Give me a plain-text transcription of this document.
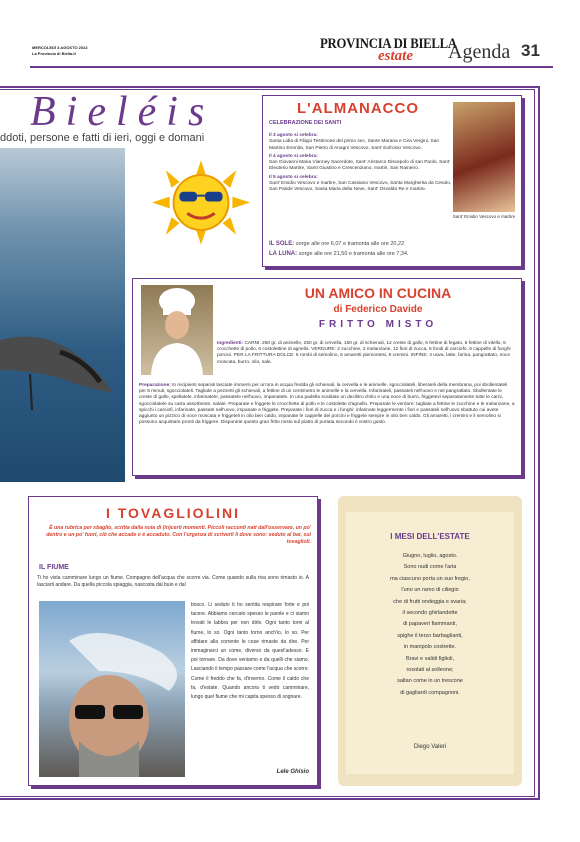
MERCOLEDÌ 3 AGOSTO 2022
La Provincia di Biella.it
PROVINCIA DI BIELLA
estate Agenda 31
Bieléis
ddoti, persone e fatti di ieri, oggi e domani
L'ALMANACCO
CELEBRAZIONE DEI SANTI
Il 3 agosto si celebra:
Santa Lidia di Filippi Testimone del primo sec, Sante Marana e Cira Vergini, San Martino Eremita, San Pietro di Anagni Vescovo, Sant' Eufronio Vescovo.
Il 4 agosto si celebra:
San Giovanni Maria Vianney Sacerdote, Sant' Aristarco Discepolo di san Paolo, Sant' Eleuterio Martire, Santi Giustino e Crescenziano, martiri, San Raineiro.
Il 5 agosto si celebra:
Sant' Emidio Vescovo e martire, San Cassiano Vescovo, Santa Margherita da Cesolo, San Paride Vescovo, Santa Maria della Neve, Sant' Osvaldo Re e martire.
IL SOLE: sorge alle ore 6,07 e tramonta alle ore 20,22
LA LUNA: sorge alle ore 21,50 e tramonta alle ore 7,34.
Sant' Emidio Vescovo e martire
UN AMICO IN CUCINA
di Federico Davide
FRITTO MISTO
Ingredienti: CARNI: 250 gr. di animelle, 250 gr. di cervella, 150 gr. di schienali, 12 creste di gallo, 6 fettine di fegato, 6 fettine di vitello, 6 crocchette di pollo, 6 costolettine di agnello. VERDURE: 2 zucchine, 2 melanzane, 12 fiori di zucca, 6 fondi di carciofo, 6 cappelle di funghi porcini. PER LA FRITTURA DOLCE: 6 rombi di semolino, 6 amaretti piemontesi, 6 cremini. INFINE: 4 uova, latte, farina, pangrattato, noce moscata, burro, olio, sale.
Preparazione: In recipienti separati lasciate immersi per un'ora in acqua fredda gli schienali, la cervella e le animelle, sgocciolateli, liberateli della membrana, poi sbollentateli per 5 minuti, sgocciolateli. Tagliate a pezzetti gli schienali, a fettine di un centimetro le animelle e la cervella. Infarinateli, passateli nell'uovo e nel pangrattato. Sbollentate le creste di gallo, spellatele, infarinatele, passatele nell'uovo, impanatele. In una padella scaldate un decilitro d'olio e una noce di burro, friggetevi separatamente tutte le carni, sgocciolatele su carta assorbente, salate. Preparate e friggete le crocchette di pollo e le costolette d'agnello. Preparate le verdure: tagliate a fettine le zucchine e le melanzane, a spicchi i carciofi, infarinate, passate nell'uovo, impanate e friggete. Preparate i fiori di zucca e i funghi: infarinate leggermente i fiori e passateli nell'uovo sbattuto cui avete aggiunto un pizzico di noce moscata e friggeteli in olio ben caldo, impanate le cappelle dei porcini e friggete sempre in olio ben caldo. Gli amaretti, i cremini e il semolino si possono acquistare pronti da friggere. Disponete questo gran fritto misto sul piatto di portata secondo il vostro gusto.
I TOVAGLIOLINI
È una rubrica per sbaglio, scritta dalla noia di (in)certi momenti. Piccoli racconti nati dall'osservare, un po' dentro e un po' fuori, ciò che accade o è accaduto. Con l'urgenza di scriverli lì dove sono: seduto al bar, sui tovaglioli.
IL FIUME
Ti ho vista camminare lungo un fiume. Compagno dell'acqua che scorre via. Come quando sulla riva sono rimasto io. A lasciarti andare. Da quella piccola spiaggia, nascosta dal buio e dal
bosco. Li seduto ti ho sentita respirare forte e poi tacere. Abbiamo cercato spesso le parole e ci siamo trovati le labbra per non dirle. Ogni tanto torni al fiume, lo so. Ogni tanto torno anch'io, lo so. Per affidare alla corrente le cose rimaste da dire. Per immaginarci un come, diverso da quest'adesso. E poi tornare. Da dove veniamo e da quelli che siamo. Lasciando il tempo passare come l'acqua che scorre. Come il freddo che fa, d'inverno. Come il caldo che fa, d'estate. Quando ancora ti vedo camminare, lungo quel fiume che mi capita spesso di sognare.
Lele Ghisio
I MESI DELL'ESTATE
Giugno, luglio, agosto.
Sono nudi come l'aria
ma ciascuno porta un suo fregio,
l'uno un ramo di ciliegio
che di frutti ondeggia e svaria;
il secondo ghirlandette
di papaveri fiammanti,
spighe il terzo barbaglianti,
in manipolo costrette.
Bravi e validi figlioli,
rosolati al solleone;
saltan come in un trescone
di gagliardi compagnoni.
Diego Valeri
